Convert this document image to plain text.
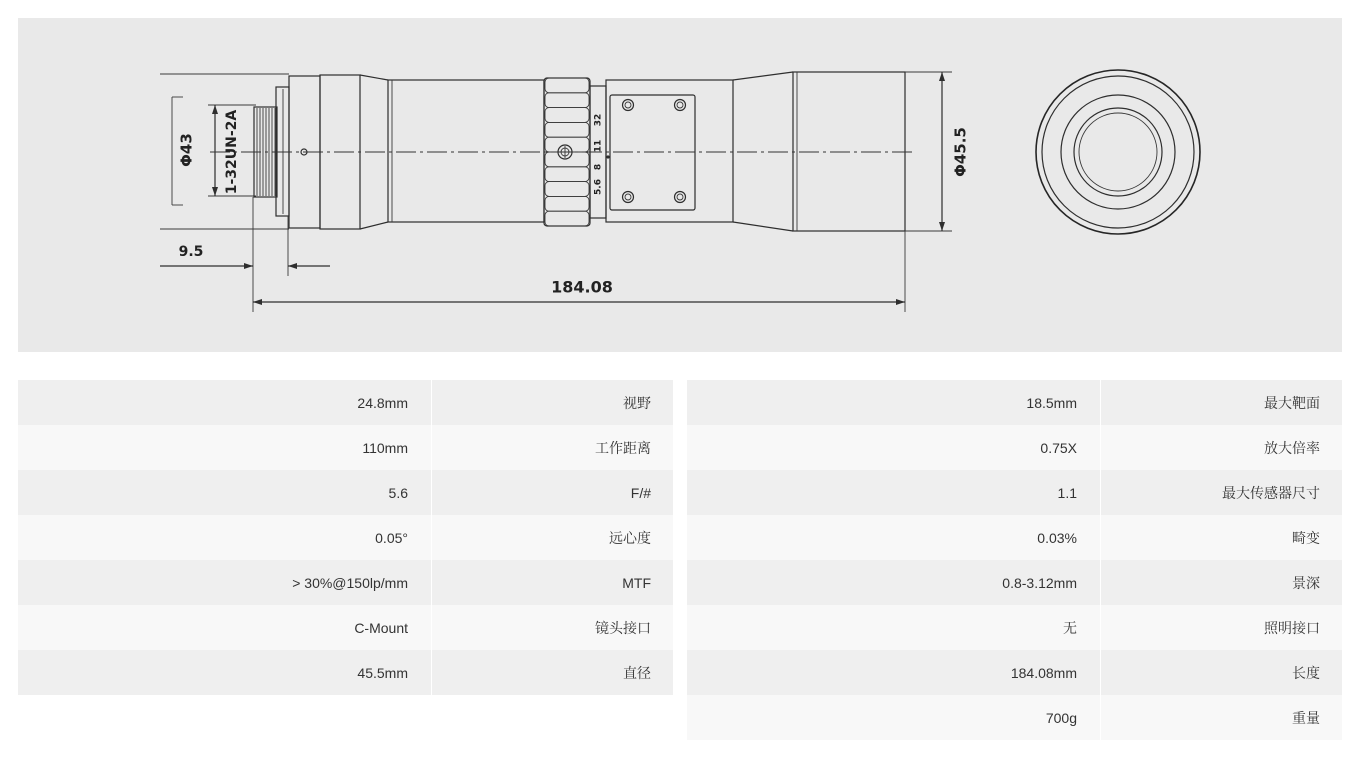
32
11
8
5.6
Φ43 1-32UN-2A	Φ45.5
9.5
184.08
18.5mm	最大靶面
0.75X	放大倍率
1.1	最大传感器尺寸
0.03%	畸变
0.8-3.12mm	景深
无	照明接口
184.08mm	长度
700g	重量
24.8mm	视野
110mm	工作距离
5.6	F/#
0.05°	远心度
> 30%@150lp/mm	MTF
C-Mount	镜头接口
45.5mm	直径
